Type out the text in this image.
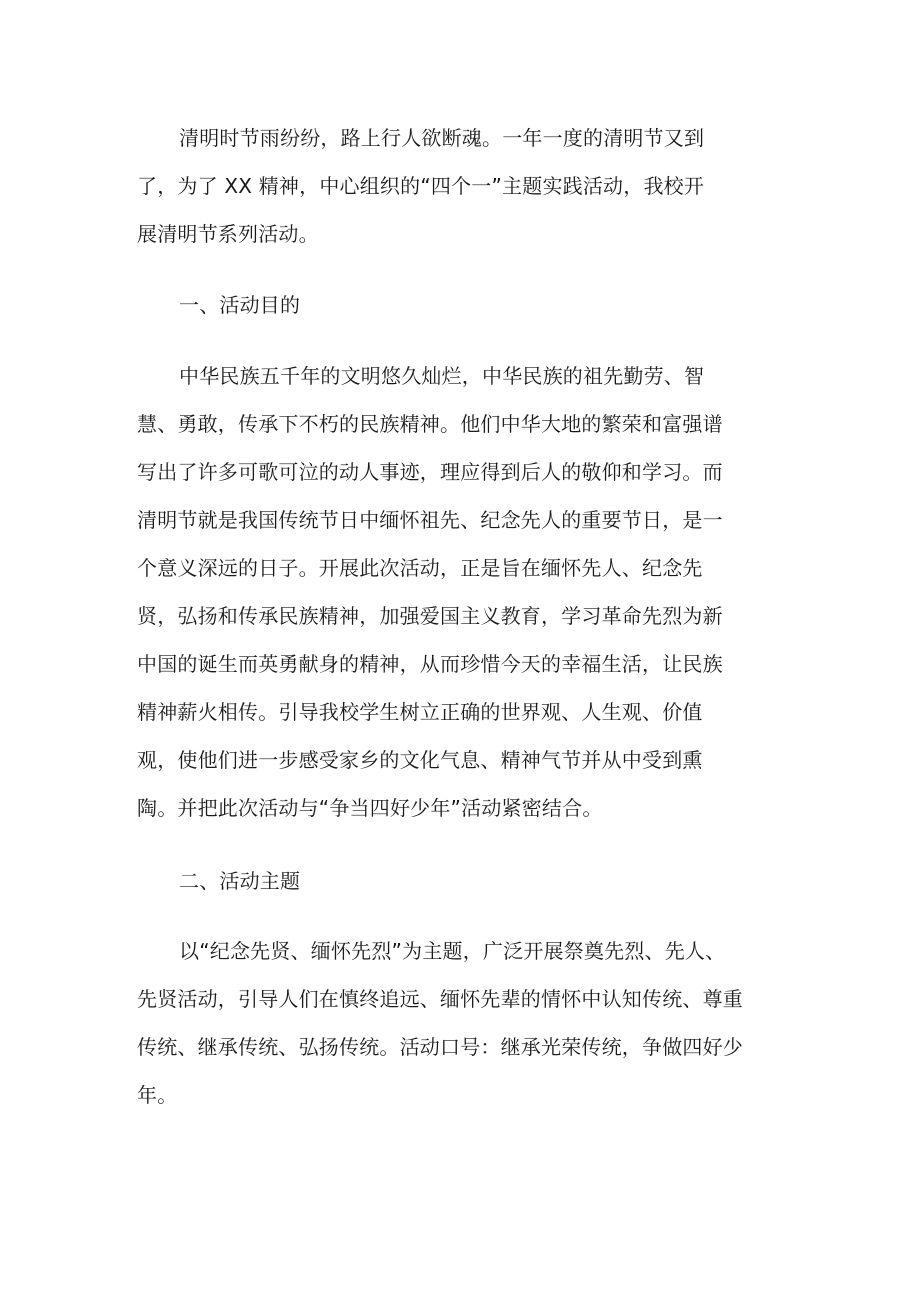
清明时节雨纷纷，路上行人欲断魂。一年一度的清明节又到
了，为了 XX 精神，中心组织的“四个一”主题实践活动，我校开
展清明节系列活动。
一、活动目的
中华民族五千年的文明悠久灿烂，中华民族的祖先勤劳、智
慧、勇敢，传承下不朽的民族精神。他们中华大地的繁荣和富强谱
写出了许多可歌可泣的动人事迹，理应得到后人的敬仰和学习。而
清明节就是我国传统节日中缅怀祖先、纪念先人的重要节日，是一
个意义深远的日子。开展此次活动，正是旨在缅怀先人、纪念先
贤，弘扬和传承民族精神，加强爱国主义教育，学习革命先烈为新
中国的诞生而英勇献身的精神，从而珍惜今天的幸福生活，让民族
精神薪火相传。引导我校学生树立正确的世界观、人生观、价值
观，使他们进一步感受家乡的文化气息、精神气节并从中受到熏
陶。并把此次活动与“争当四好少年”活动紧密结合。
二、活动主题
以“纪念先贤、缅怀先烈”为主题，广泛开展祭奠先烈、先人、
先贤活动，引导人们在慎终追远、缅怀先辈的情怀中认知传统、尊重
传统、继承传统、弘扬传统。活动口号：继承光荣传统，争做四好少
年。
